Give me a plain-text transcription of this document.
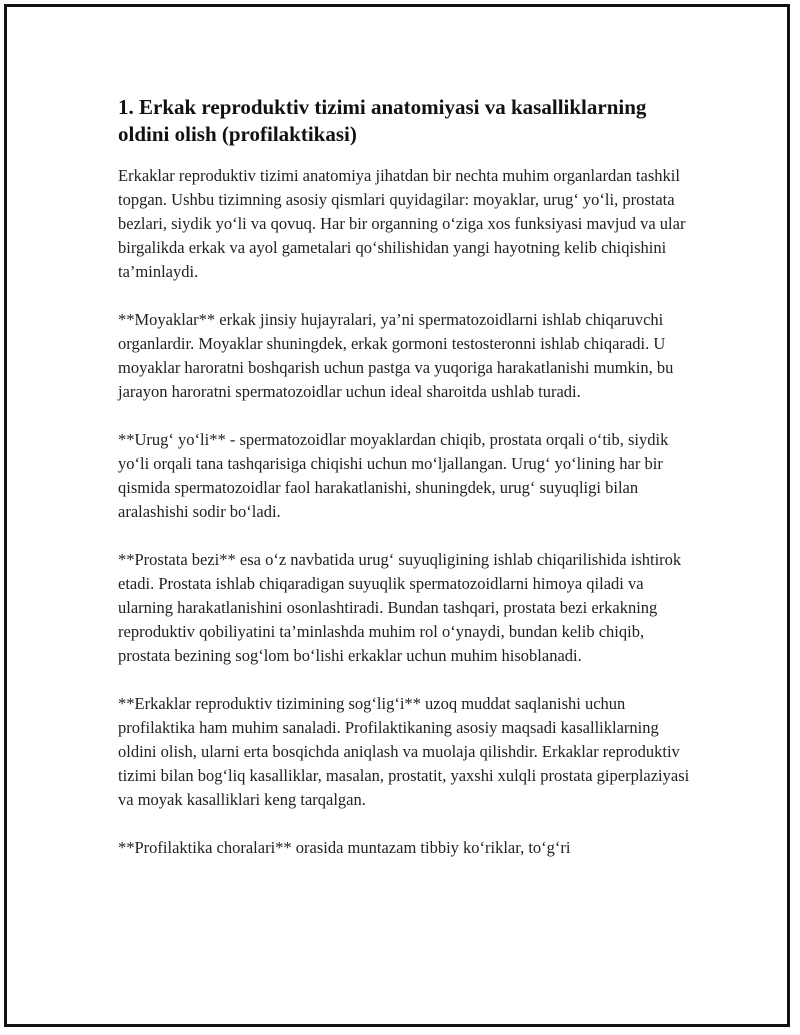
1. Erkak reproduktiv tizimi anatomiyasi va kasalliklarning oldini olish (profilaktikasi)

Erkaklar reproduktiv tizimi anatomiya jihatdan bir nechta muhim organlardan tashkil topgan. Ushbu tizimning asosiy qismlari quyidagilar: moyaklar, urug‘ yo‘li, prostata bezlari, siydik yo‘li va qovuq. Har bir organning o‘ziga xos funksiyasi mavjud va ular birgalikda erkak va ayol gametalari qo‘shilishidan yangi hayotning kelib chiqishini ta’minlaydi.

**Moyaklar** erkak jinsiy hujayralari, ya’ni spermatozoidlarni ishlab chiqaruvchi organlardir. Moyaklar shuningdek, erkak gormoni testosteronni ishlab chiqaradi. U moyaklar haroratni boshqarish uchun pastga va yuqoriga harakatlanishi mumkin, bu jarayon haroratni spermatozoidlar uchun ideal sharoitda ushlab turadi.

**Urug‘ yo‘li** - spermatozoidlar moyaklardan chiqib, prostata orqali o‘tib, siydik yo‘li orqali tana tashqarisiga chiqishi uchun mo‘ljallangan. Urug‘ yo‘lining har bir qismida spermatozoidlar faol harakatlanishi, shuningdek, urug‘ suyuqligi bilan aralashishi sodir bo‘ladi.

**Prostata bezi** esa o‘z navbatida urug‘ suyuqligining ishlab chiqarilishida ishtirok etadi. Prostata ishlab chiqaradigan suyuqlik spermatozoidlarni himoya qiladi va ularning harakatlanishini osonlashtiradi. Bundan tashqari, prostata bezi erkakning reproduktiv qobiliyatini ta’minlashda muhim rol o‘ynaydi, bundan kelib chiqib, prostata bezining sog‘lom bo‘lishi erkaklar uchun muhim hisoblanadi.

**Erkaklar reproduktiv tizimining sog‘lig‘i** uzoq muddat saqlanishi uchun profilaktika ham muhim sanaladi. Profilaktikaning asosiy maqsadi kasalliklarning oldini olish, ularni erta bosqichda aniqlash va muolaja qilishdir. Erkaklar reproduktiv tizimi bilan bog‘liq kasalliklar, masalan, prostatit, yaxshi xulqli prostata giperplaziyasi va moyak kasalliklari keng tarqalgan.

**Profilaktika choralari** orasida muntazam tibbiy ko‘riklar, to‘g‘ri
